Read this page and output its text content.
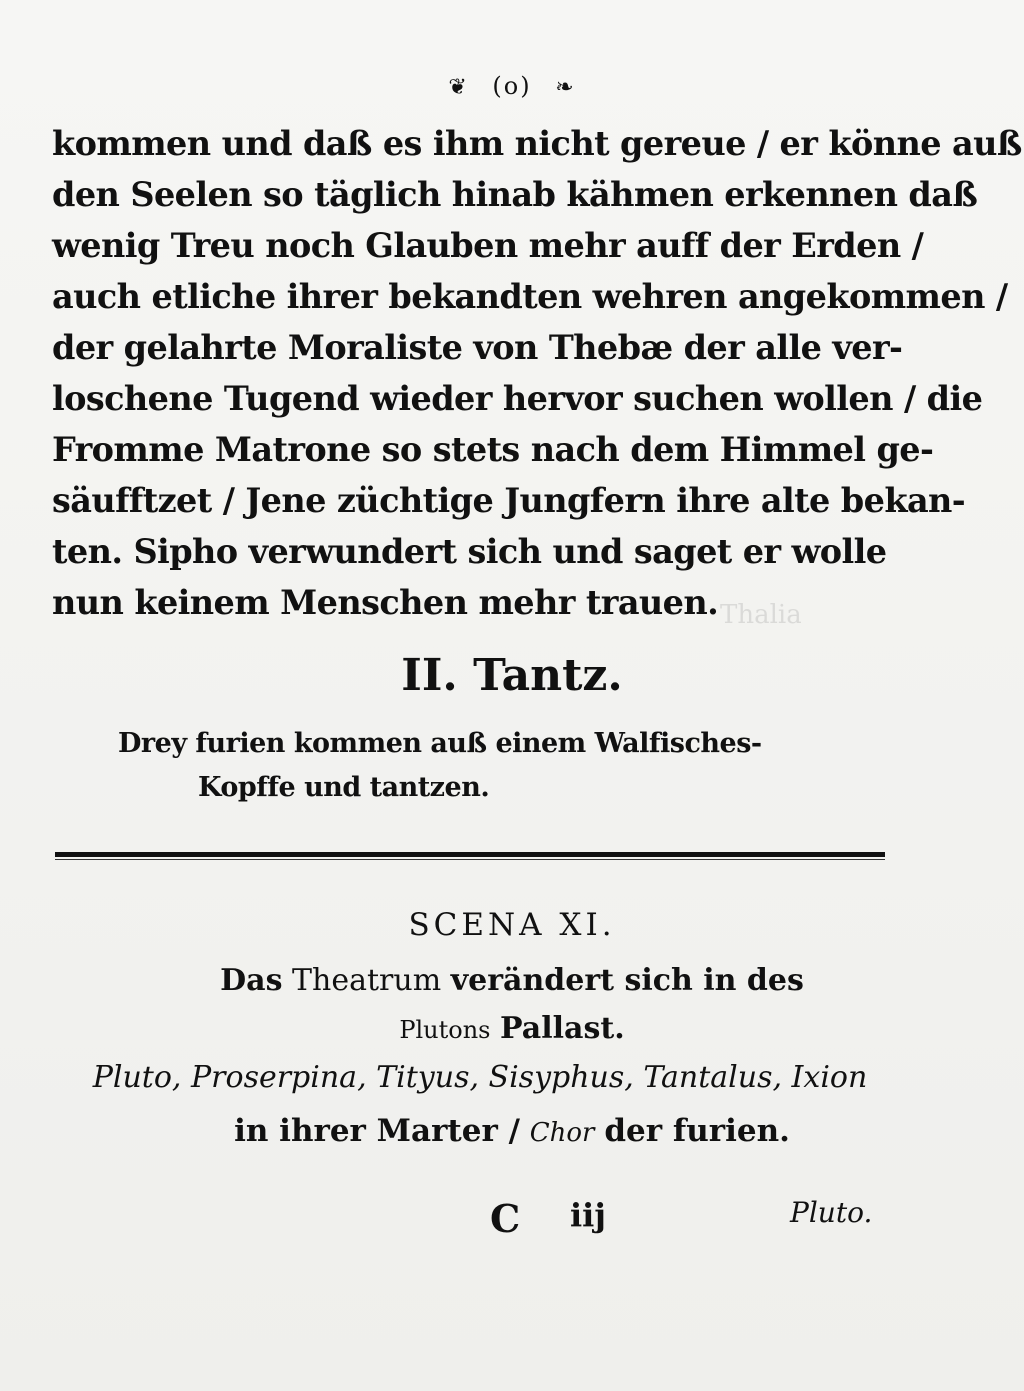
Thalia
❦ (o) ❧
kommen und daß es ihm nicht gereue / er könne auß
den Seelen so täglich hinab kähmen erkennen daß
wenig Treu noch Glauben mehr auff der Erden /
auch etliche ihrer bekandten wehren angekommen /
der gelahrte Moraliste von Thebæ der alle ver-
loschene Tugend wieder hervor suchen wollen / die
Fromme Matrone so stets nach dem Himmel ge-
säufftzet / Jene züchtige Jungfern ihre alte bekan-
ten. Sipho verwundert sich und saget er wolle
nun keinem Menschen mehr trauen.
II. Tantz.
Drey furien kommen auß einem Walfisches-
Kopffe und tantzen.
SCENA XI.
Das Theatrum verändert sich in des
Plutons Pallast.
Pluto, Proserpina, Tityus, Sisyphus, Tantalus, Ixion
in ihrer Marter / Chor der furien.
C iij	Pluto.
